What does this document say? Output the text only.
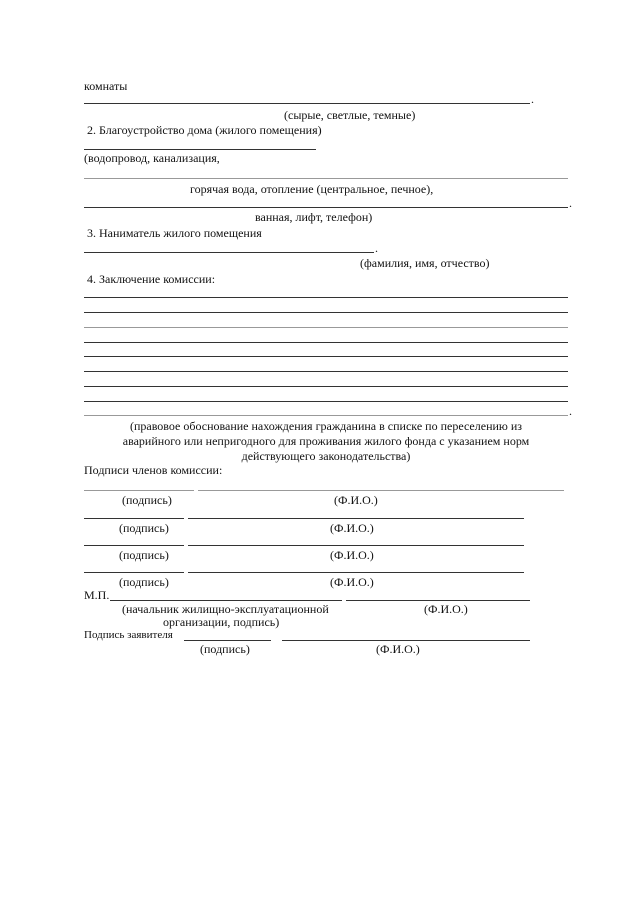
комнаты
.
(сырые, светлые, темные)
2. Благоустройство дома (жилого помещения)
(водопровод, канализация,
горячая вода, отопление (центральное, печное),
.
ванная, лифт, телефон)
3. Наниматель жилого помещения
.
(фамилия, имя, отчество)
4. Заключение комиссии:
.
(правовое обоснование нахождения гражданина в списке по переселению из
аварийного или непригодного для проживания жилого фонда с указанием норм
действующего законодательства)
Подписи членов комиссии:
(подпись)	(Ф.И.О.)
(подпись)	(Ф.И.О.)
(подпись)	(Ф.И.О.)
(подпись)	(Ф.И.О.)
М.П.
(начальник жилищно-эксплуатационной	(Ф.И.О.)
организации, подпись)
Подпись заявителя
(подпись)	(Ф.И.О.)
